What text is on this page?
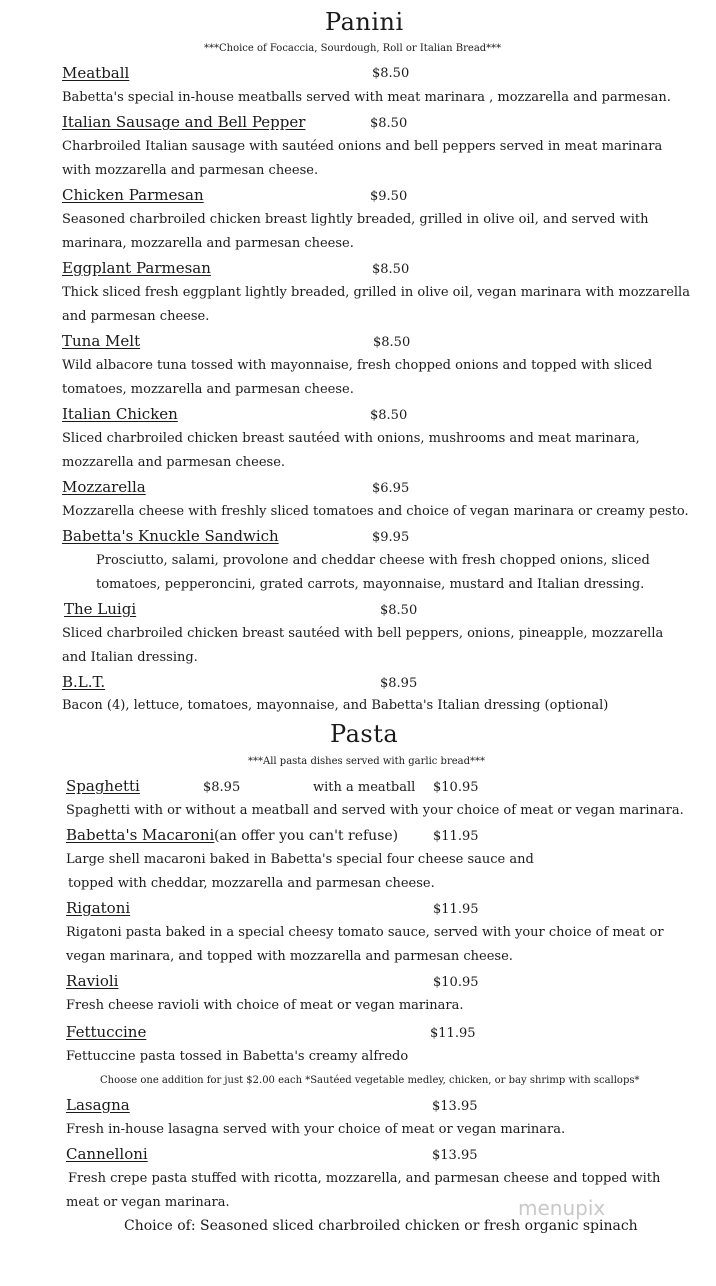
Panini
***Choice of Focaccia, Sourdough, Roll or Italian Bread***
Meatball	$8.50
Babetta's special in-house meatballs served with meat marinara , mozzarella and parmesan.
Italian Sausage and Bell Pepper	$8.50
Charbroiled Italian sausage with sautéed onions and bell peppers served in meat marinara
with mozzarella and parmesan cheese.
Chicken Parmesan	$9.50
Seasoned charbroiled chicken breast lightly breaded, grilled in olive oil, and served with
marinara, mozzarella and parmesan cheese.
Eggplant Parmesan	$8.50
Thick sliced fresh eggplant lightly breaded, grilled in olive oil, vegan marinara with mozzarella
and parmesan cheese.
Tuna Melt	$8.50
Wild albacore tuna tossed with mayonnaise, fresh chopped onions and topped with sliced
tomatoes, mozzarella and parmesan cheese.
Italian Chicken	$8.50
Sliced charbroiled chicken breast sautéed with onions, mushrooms and meat marinara,
mozzarella and parmesan cheese.
Mozzarella	$6.95
Mozzarella cheese with freshly sliced tomatoes and choice of vegan marinara or creamy pesto.
Babetta's Knuckle Sandwich	$9.95
Prosciutto, salami, provolone and cheddar cheese with fresh chopped onions, sliced
tomatoes, pepperoncini, grated carrots, mayonnaise, mustard and Italian dressing.
The Luigi	$8.50
Sliced charbroiled chicken breast sautéed with bell peppers, onions, pineapple, mozzarella
and Italian dressing.
B.L.T.	$8.95
Bacon (4), lettuce, tomatoes, mayonnaise, and Babetta's Italian dressing (optional)
Pasta
***All pasta dishes served with garlic bread***
Spaghetti	$8.95	with a meatball $10.95
Spaghetti with or without a meatball and served with your choice of meat or vegan marinara.
Babetta's Macaroni (an offer you can't refuse)	$11.95
Large shell macaroni baked in Babetta's special four cheese sauce and
topped with cheddar, mozzarella and parmesan cheese.
Rigatoni	$11.95
Rigatoni pasta baked in a special cheesy tomato sauce, served with your choice of meat or
vegan marinara, and topped with mozzarella and parmesan cheese.
Ravioli	$10.95
Fresh cheese ravioli with choice of meat or vegan marinara.
Fettuccine	$11.95
Fettuccine pasta tossed in Babetta's creamy alfredo
Choose one addition for just $2.00 each *Sautéed vegetable medley, chicken, or bay shrimp with scallops*
Lasagna	$13.95
Fresh in-house lasagna served with your choice of meat or vegan marinara.
Cannelloni	$13.95
Fresh crepe pasta stuffed with ricotta, mozzarella, and parmesan cheese and topped with
meat or vegan marinara.
Choice of: Seasoned sliced charbroiled chicken or fresh organic spinach
menupix
